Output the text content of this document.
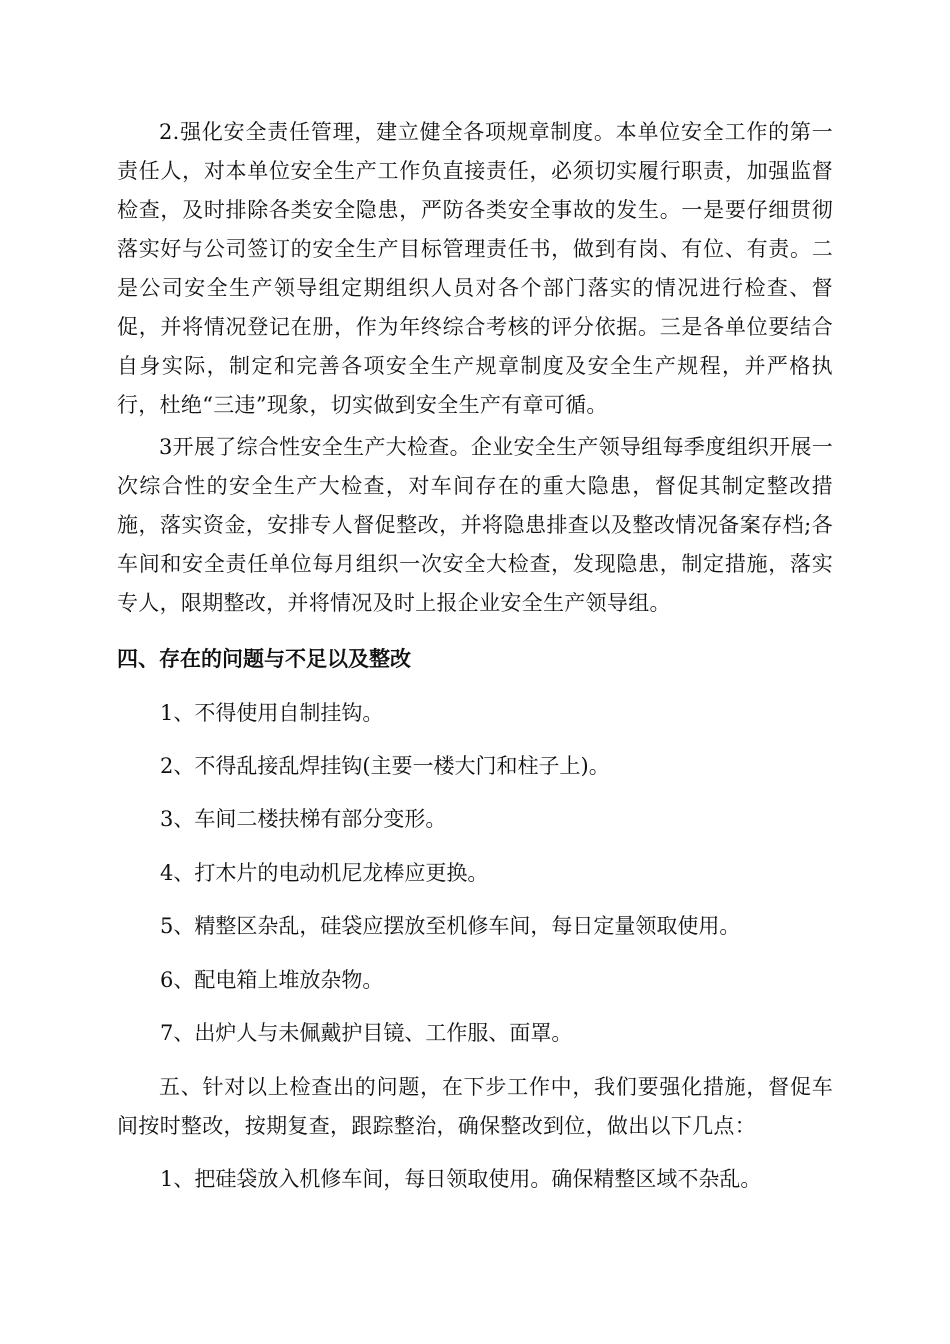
2.强化安全责任管理，建立健全各项规章制度。本单位安全工作的第一责任人，对本单位安全生产工作负直接责任，必须切实履行职责，加强监督检查，及时排除各类安全隐患，严防各类安全事故的发生。一是要仔细贯彻落实好与公司签订的安全生产目标管理责任书，做到有岗、有位、有责。二是公司安全生产领导组定期组织人员对各个部门落实的情况进行检查、督促，并将情况登记在册，作为年终综合考核的评分依据。三是各单位要结合自身实际，制定和完善各项安全生产规章制度及安全生产规程，并严格执行，杜绝“三违”现象，切实做到安全生产有章可循。

3开展了综合性安全生产大检查。企业安全生产领导组每季度组织开展一次综合性的安全生产大检查，对车间存在的重大隐患，督促其制定整改措施，落实资金，安排专人督促整改，并将隐患排查以及整改情况备案存档;各车间和安全责任单位每月组织一次安全大检查，发现隐患，制定措施，落实专人，限期整改，并将情况及时上报企业安全生产领导组。

四、存在的问题与不足以及整改

1、不得使用自制挂钩。

2、不得乱接乱焊挂钩(主要一楼大门和柱子上)。

3、车间二楼扶梯有部分变形。

4、打木片的电动机尼龙棒应更换。

5、精整区杂乱，硅袋应摆放至机修车间，每日定量领取使用。

6、配电箱上堆放杂物。

7、出炉人与未佩戴护目镜、工作服、面罩。

五、针对以上检查出的问题，在下步工作中，我们要强化措施，督促车间按时整改，按期复查，跟踪整治，确保整改到位，做出以下几点：

1、把硅袋放入机修车间，每日领取使用。确保精整区域不杂乱。
